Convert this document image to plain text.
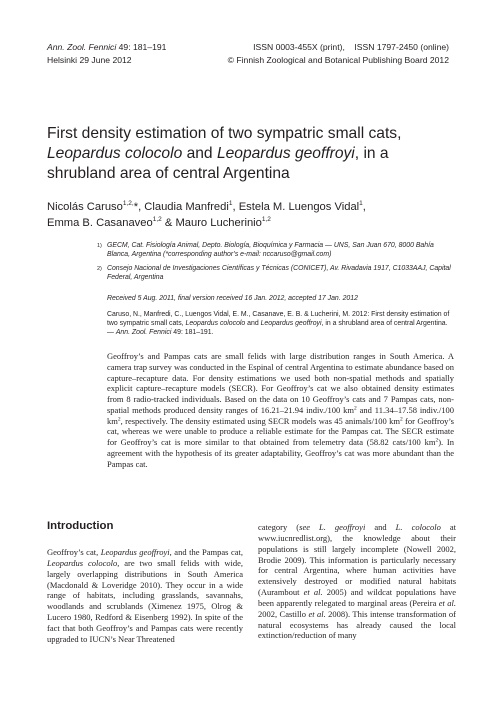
Ann. Zool. Fennici 49: 181–191
Helsinki 29 June 2012
ISSN 0003-455X (print),    ISSN 1797-2450 (online)
© Finnish Zoological and Botanical Publishing Board 2012
First density estimation of two sympatric small cats,
Leopardus colocolo and Leopardus geoffroyi, in a
shrubland area of central Argentina
Nicolás Caruso$^{1,2,}$*, Claudia Manfredi$^1$, Estela M. Luengos Vidal$^1$,
Emma B. Casanaveo$^{1,2}$ & Mauro Lucherinio$^{1,2}$
1) GECM, Cat. Fisiología Animal, Depto. Biología, Bioquímica y Farmacia — UNS, San Juan 670, 8000 Bahía Blanca, Argentina (*corresponding author’s e-mail: nccaruso@gmail.com)
2) Consejo Nacional de Investigaciones Científicas y Técnicas (CONICET), Av. Rivadavia 1917, C1033AAJ, Capital Federal, Argentina
Received 5 Aug. 2011, final version received 16 Jan. 2012, accepted 17 Jan. 2012
Caruso, N., Manfredi, C., Luengos Vidal, E. M., Casanave, E. B. & Lucherini, M. 2012: First density estimation of two sympatric small cats, Leopardus colocolo and Leopardus geoffroyi, in a shrubland area of central Argentina. — Ann. Zool. Fennici 49: 181–191.

Geoffroy’s and Pampas cats are small felids with large distribution ranges in South America. A camera trap survey was conducted in the Espinal of central Argentina to estimate abundance based on capture–recapture data. For density estimations we used both non-spatial methods and spatially explicit capture–recapture models (SECR). For Geoffroy’s cat we also obtained density estimates from 8 radio-tracked individuals. Based on the data on 10 Geoffroy’s cats and 7 Pampas cats, non-spatial methods produced density ranges of 16.21–21.94 indiv./100 $km^2$ and 11.34–17.58 indiv./100 $km^2$, respectively. The density estimated using SECR models was 45 animals/100 $km^2$ for Geoffroy’s cat, whereas we were unable to produce a reliable estimate for the Pampas cat. The SECR estimate for Geoffroy’s cat is more similar to that obtained from telemetry data (58.82 cats/100 $km^2$). In agreement with the hypothesis of its greater adaptability, Geoffroy’s cat was more abundant than the Pampas cat.

Introduction

Geoffroy’s cat, Leopardus geoffroyi, and the Pampas cat, Leopardus colocolo, are two small felids with wide, largely overlapping distributions in South America (Macdonald & Loveridge 2010). They occur in a wide range of habitats, including grasslands, savannahs, woodlands and scrublands (Ximenez 1975, Olrog & Lucero 1980, Redford & Eisenberg 1992). In spite of the fact that both Geoffroy’s and Pampas cats were recently upgraded to IUCN’s Near Threatened

category (see L. geoffroyi and L. colocolo at www.iucnredlist.org), the knowledge about their populations is still largely incomplete (Nowell 2002, Brodie 2009). This information is particularly necessary for central Argentina, where human activities have extensively destroyed or modified natural habitats (Aurambout et al. 2005) and wildcat populations have been apparently relegated to marginal areas (Pereira et al. 2002, Castillo et al. 2008). This intense transformation of natural ecosystems has already caused the local extinction/reduction of many
